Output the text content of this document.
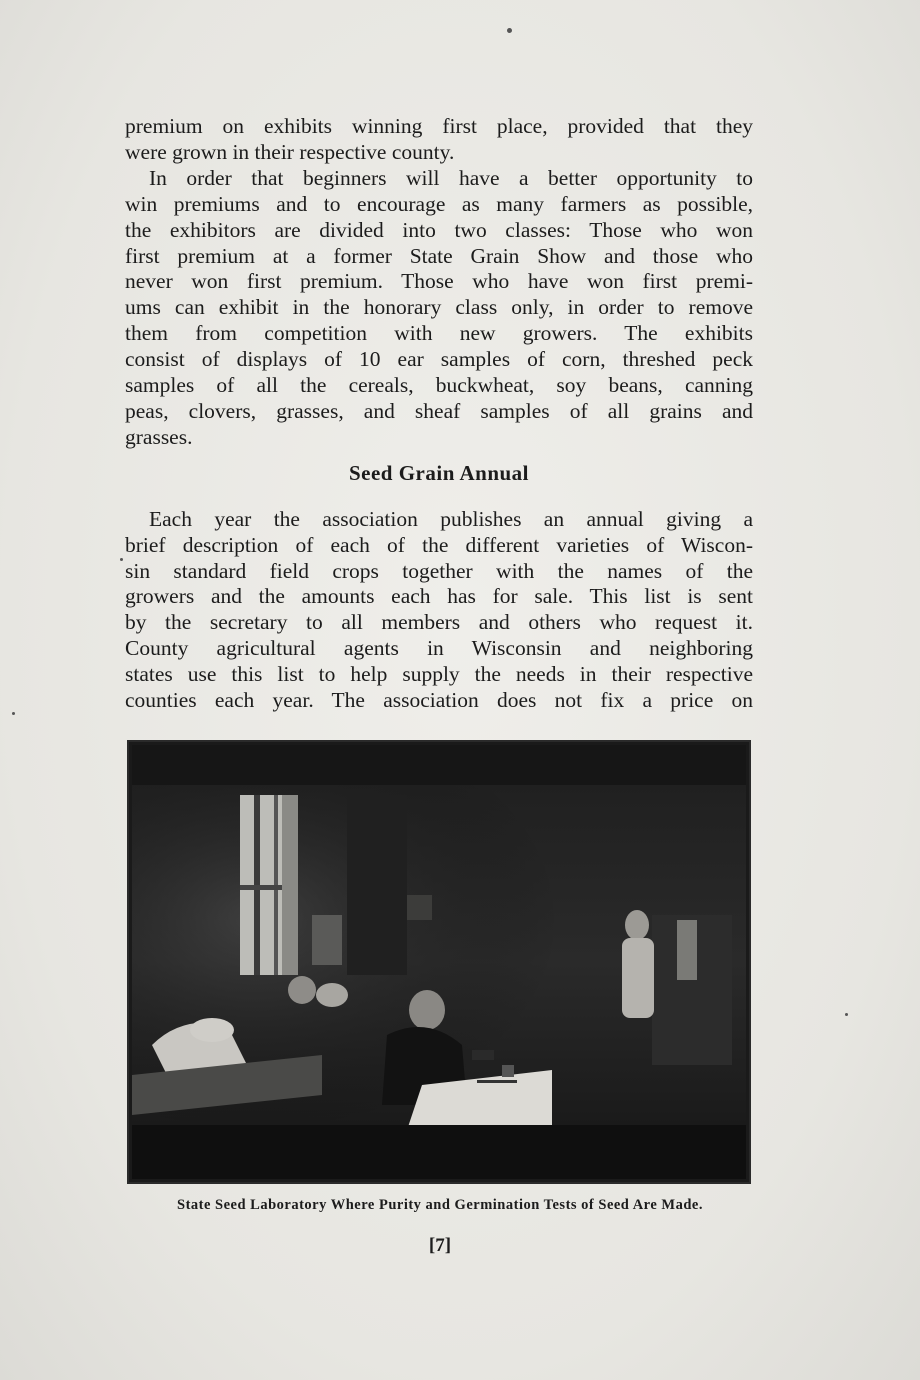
premium on exhibits winning first place, provided that they
were grown in their respective county.

In order that beginners will have a better opportunity to
win premiums and to encourage as many farmers as possible,
the exhibitors are divided into two classes: Those who won
first premium at a former State Grain Show and those who
never won first premium. Those who have won first premi-
ums can exhibit in the honorary class only, in order to remove
them from competition with new growers. The exhibits
consist of displays of 10 ear samples of corn, threshed peck
samples of all the cereals, buckwheat, soy beans, canning
peas, clovers, grasses, and sheaf samples of all grains and
grasses.

Seed Grain Annual

Each year the association publishes an annual giving a
brief description of each of the different varieties of Wiscon-
sin standard field crops together with the names of the
growers and the amounts each has for sale. This list is sent
by the secretary to all members and others who request it.
County agricultural agents in Wisconsin and neighboring
states use this list to help supply the needs in their respective
counties each year. The association does not fix a price on

State Seed Laboratory Where Purity and Germination Tests of Seed Are Made.
[7]
